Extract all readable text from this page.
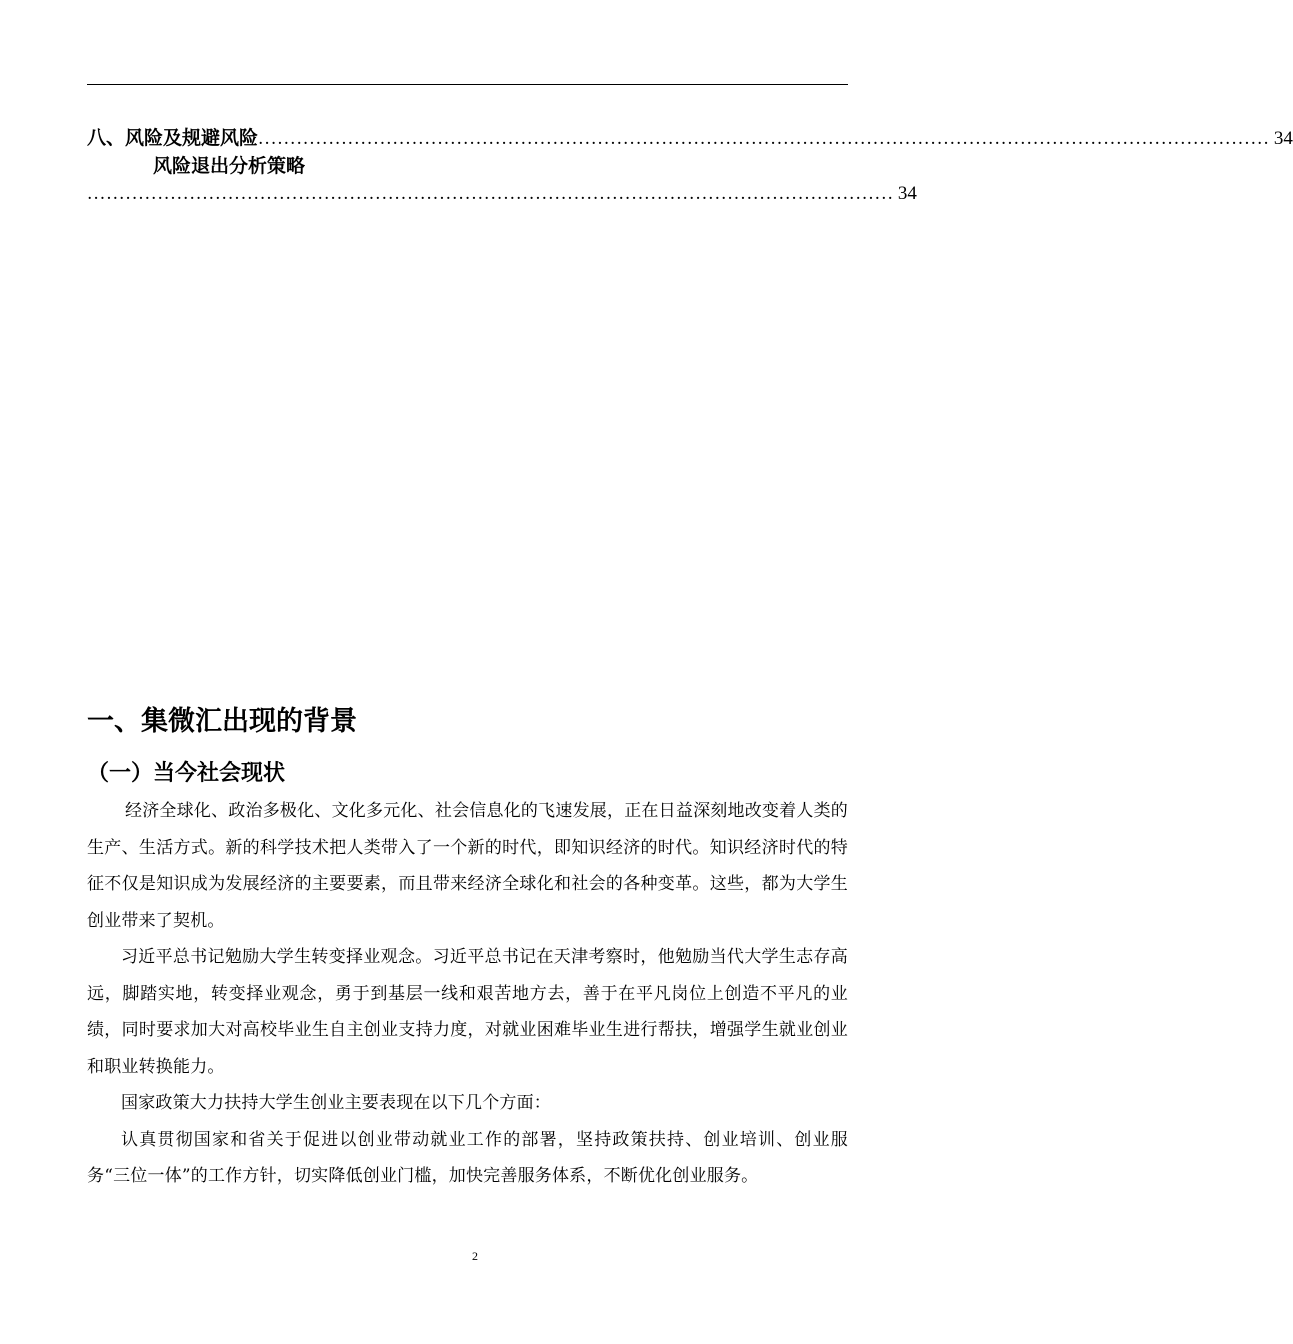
八、风险及规避风险 .............................................................................................................................................................. 34
风险退出分析策略
.............................................................................................................................. 34
一、集微汇出现的背景
（一）当今社会现状

经济全球化、政治多极化、文化多元化、社会信息化的飞速发展，正在日益深刻地改变着人类的生产、生活方式。新的科学技术把人类带入了一个新的时代，即知识经济的时代。知识经济时代的特征不仅是知识成为发展经济的主要要素，而且带来经济全球化和社会的各种变革。这些，都为大学生创业带来了契机。

习近平总书记勉励大学生转变择业观念。习近平总书记在天津考察时，他勉励当代大学生志存高远，脚踏实地，转变择业观念，勇于到基层一线和艰苦地方去，善于在平凡岗位上创造不平凡的业绩，同时要求加大对高校毕业生自主创业支持力度，对就业困难毕业生进行帮扶，增强学生就业创业和职业转换能力。

国家政策大力扶持大学生创业主要表现在以下几个方面：

认真贯彻国家和省关于促进以创业带动就业工作的部署，坚持政策扶持、创业培训、创业服务“三位一体”的工作方针，切实降低创业门槛，加快完善服务体系，不断优化创业服务。

2
